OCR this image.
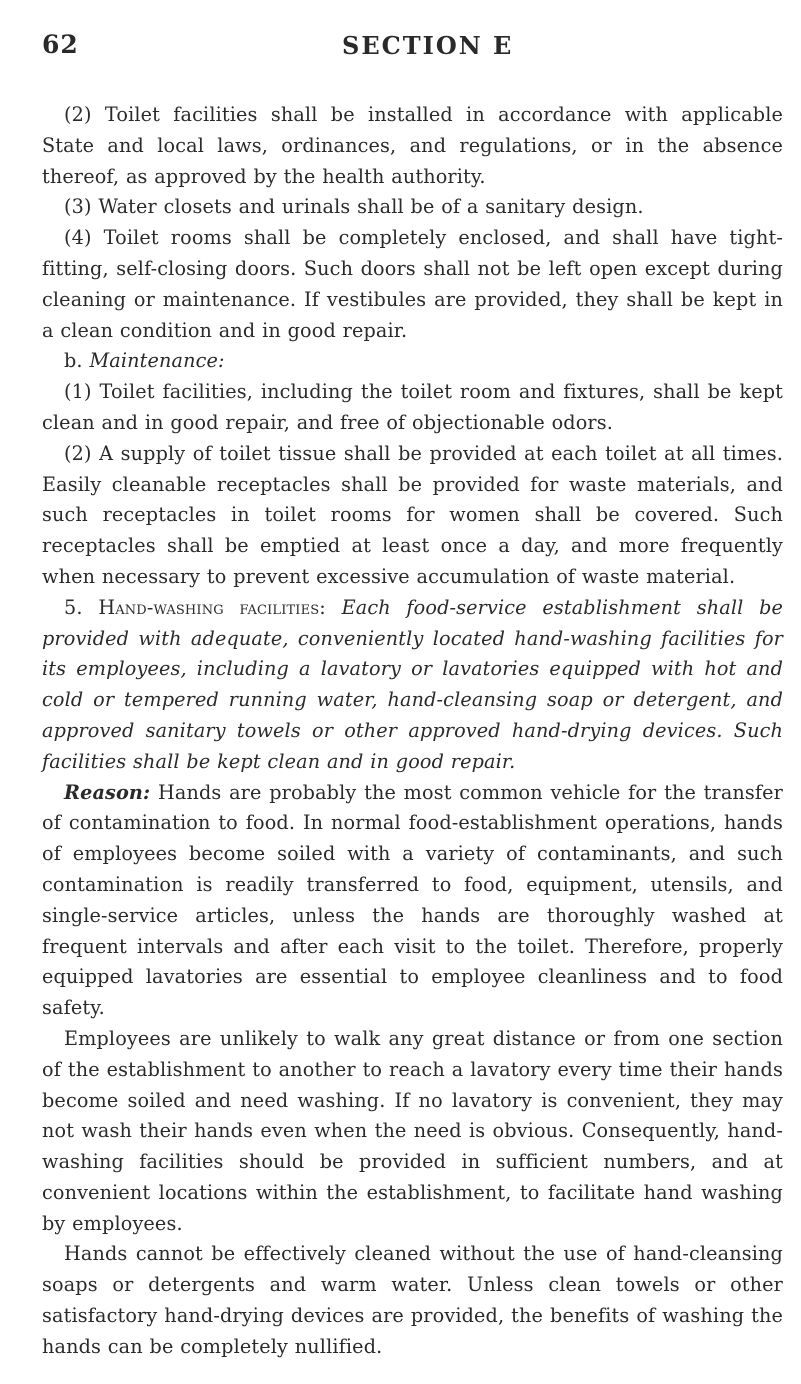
62	SECTION E

(2) Toilet facilities shall be installed in accordance with applicable State and local laws, ordinances, and regulations, or in the absence thereof, as approved by the health authority.

(3) Water closets and urinals shall be of a sanitary design.

(4) Toilet rooms shall be completely enclosed, and shall have tight-fitting, self-closing doors. Such doors shall not be left open except during cleaning or maintenance. If vestibules are provided, they shall be kept in a clean condition and in good repair.

b. Maintenance:

(1) Toilet facilities, including the toilet room and fixtures, shall be kept clean and in good repair, and free of objectionable odors.

(2) A supply of toilet tissue shall be provided at each toilet at all times. Easily cleanable receptacles shall be provided for waste materials, and such receptacles in toilet rooms for women shall be covered. Such receptacles shall be emptied at least once a day, and more frequently when necessary to prevent excessive accumulation of waste material.

5. Hand-washing facilities: Each food-service establishment shall be provided with adequate, conveniently located hand-washing facilities for its employees, including a lavatory or lavatories equipped with hot and cold or tempered running water, hand-cleansing soap or detergent, and approved sanitary towels or other approved hand-drying devices. Such facilities shall be kept clean and in good repair.

Reason: Hands are probably the most common vehicle for the transfer of contamination to food. In normal food-establishment operations, hands of employees become soiled with a variety of contaminants, and such contamination is readily transferred to food, equipment, utensils, and single-service articles, unless the hands are thoroughly washed at frequent intervals and after each visit to the toilet. Therefore, properly equipped lavatories are essential to employee cleanliness and to food safety.

Employees are unlikely to walk any great distance or from one section of the establishment to another to reach a lavatory every time their hands become soiled and need washing. If no lavatory is convenient, they may not wash their hands even when the need is obvious. Consequently, hand-washing facilities should be provided in sufficient numbers, and at convenient locations within the establishment, to facilitate hand washing by employees.

Hands cannot be effectively cleaned without the use of hand-cleansing soaps or detergents and warm water. Unless clean towels or other satisfactory hand-drying devices are provided, the benefits of washing the hands can be completely nullified.
